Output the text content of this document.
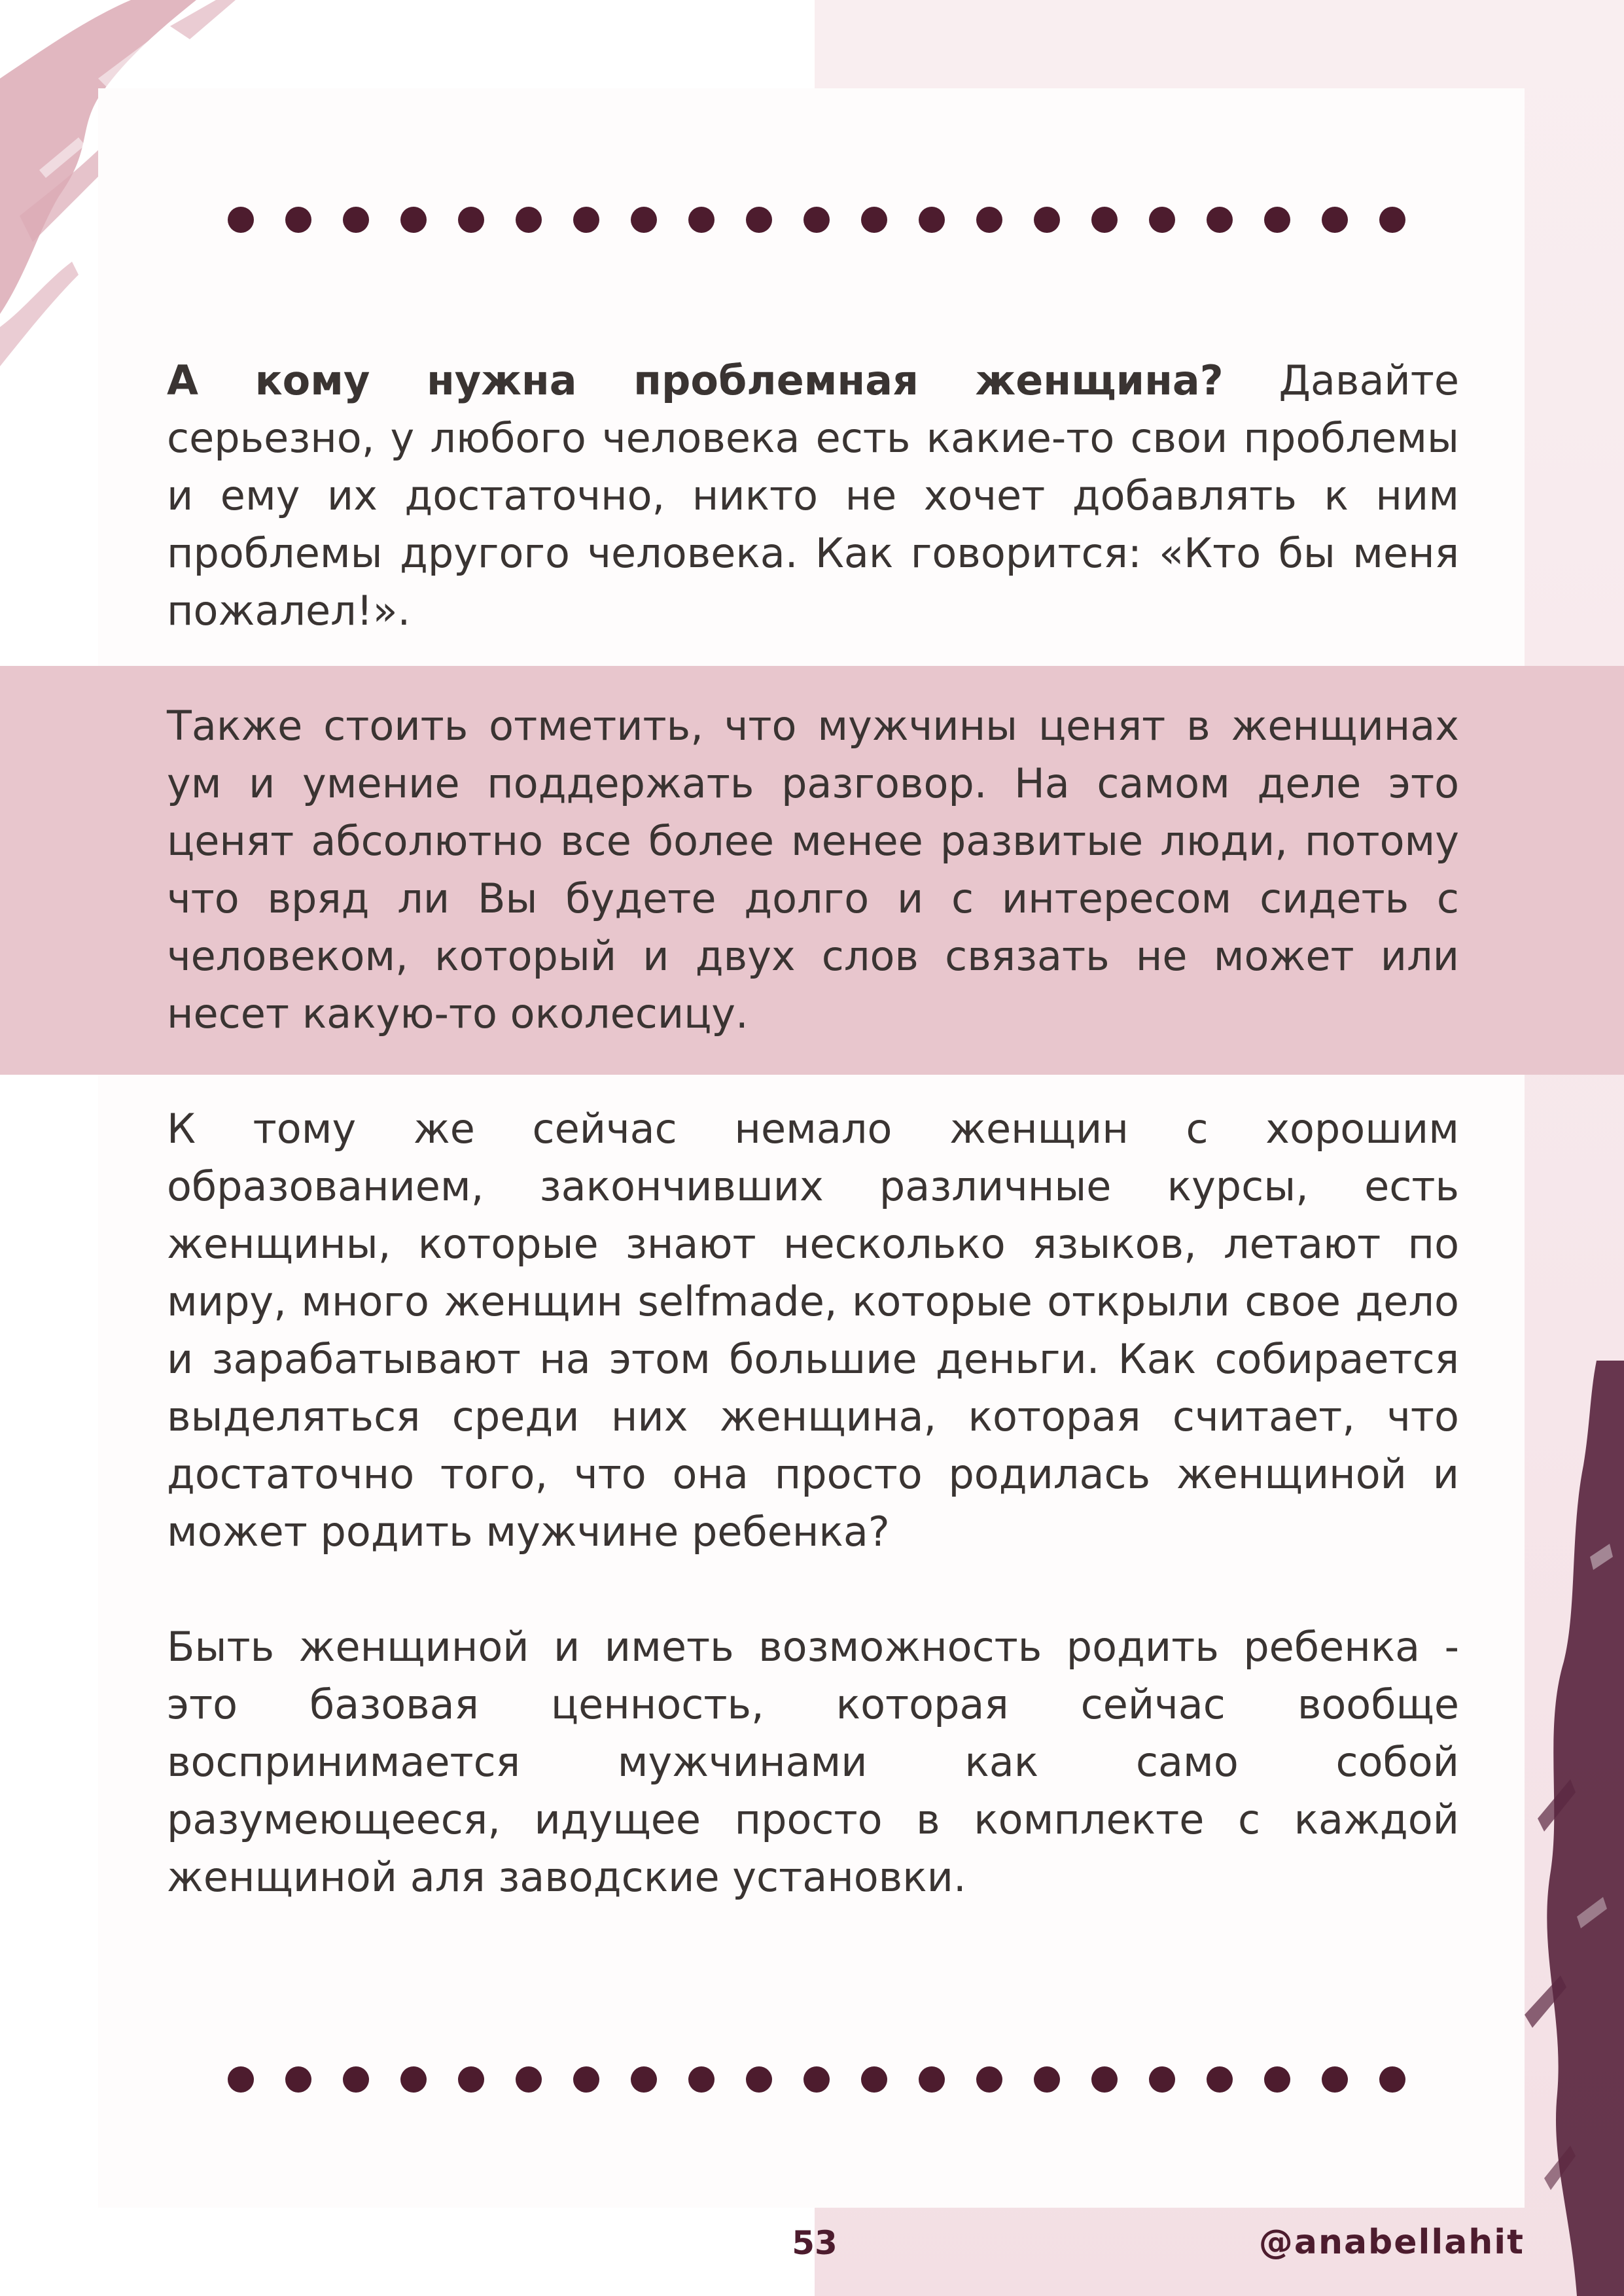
А кому нужна проблемная женщина? Давайте серьезно, у любого человека есть какие-то свои проблемы и ему их достаточно, никто не хочет добавлять к ним проблемы другого человека. Как говорится: «Кто бы меня пожалел!».

Также стоить отметить, что мужчины ценят в женщинах ум и умение поддержать разговор. На самом деле это ценят абсолютно все более менее развитые люди, потому что вряд ли Вы будете долго и с интересом сидеть с человеком, который и двух слов связать не может или несет какую-то околесицу.

К тому же сейчас немало женщин с хорошим образованием, закончивших различные курсы, есть женщины, которые знают несколько языков, летают по миру, много женщин selfmade, которые открыли свое дело и зарабатывают на этом большие деньги. Как собирается выделяться среди них женщина, которая считает, что достаточно того, что она просто родилась женщиной и может родить мужчине ребенка?

Быть женщиной и иметь возможность родить ребенка - это базовая ценность, которая сейчас вообще воспринимается мужчинами как само собой разумеющееся, идущее просто в комплекте с каждой женщиной аля заводские установки.

53	@anabellahit
